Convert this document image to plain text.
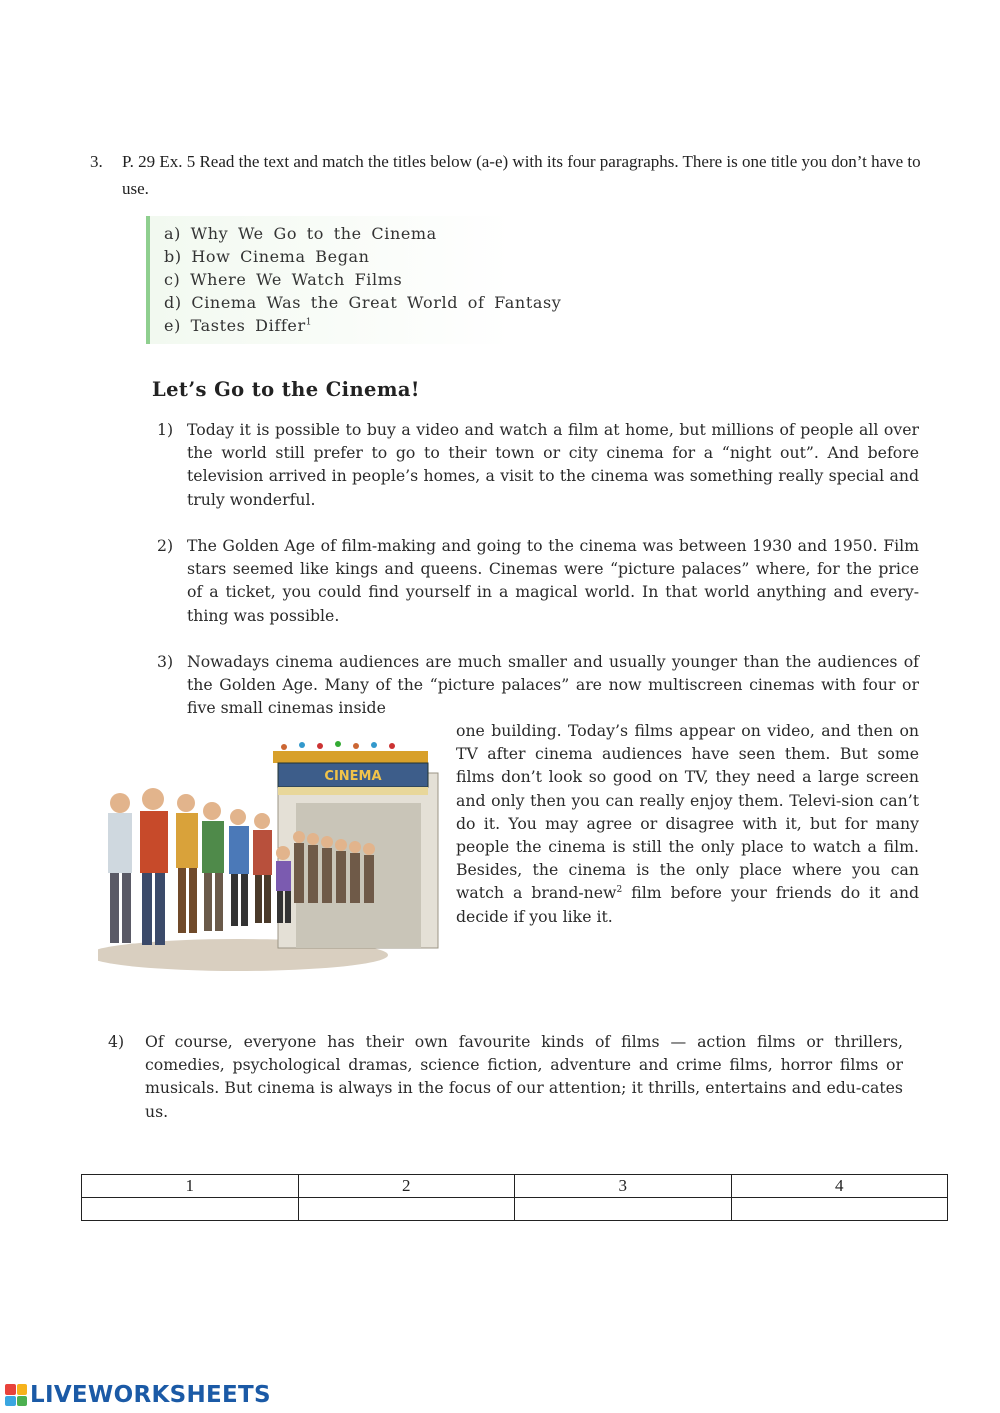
3. P. 29 Ex. 5 Read the text and match the titles below (a-e) with its four paragraphs. There is one title you don’t have to use.
a) Why We Go to the Cinema
b) How Cinema Began
c) Where We Watch Films
d) Cinema Was the Great World of Fantasy
e) Tastes Differ$^1$
Let’s Go to the Cinema!
1) Today it is possible to buy a video and watch a film at home, but millions of people all over the world still prefer to go to their town or city cinema for a “night out”. And before television arrived in people’s homes, a visit to the cinema was something really special and truly wonderful.
2) The Golden Age of film-making and going to the cinema was between 1930 and 1950. Film stars seemed like kings and queens. Cinemas were “picture palaces” where, for the price of a ticket, you could find yourself in a magical world. In that world anything and every-thing was possible.
3) Nowadays cinema audiences are much smaller and usually younger than the audiences of the Golden Age. Many of the “picture palaces” are now multiscreen cinemas with four or five small cinemas inside
one building. Today’s films appear on video, and then on TV after cinema audiences have seen them. But some films don’t look so good on TV, they need a large screen and only then you can really enjoy them. Televi-sion can’t do it. You may agree or disagree with it, but for many people the cinema is still the only place to watch a film. Besides, the cinema is the only place where you can watch a brand-new$^2$ film before your friends do it and decide if you like it.
CINEMA
4) Of course, everyone has their own favourite kinds of films — action films or thrillers, comedies, psychological dramas, science fiction, adventure and crime films, horror films or musicals. But cinema is always in the focus of our attention; it thrills, entertains and edu-cates us.
1	2	3	4

LIVEWORKSHEETS
